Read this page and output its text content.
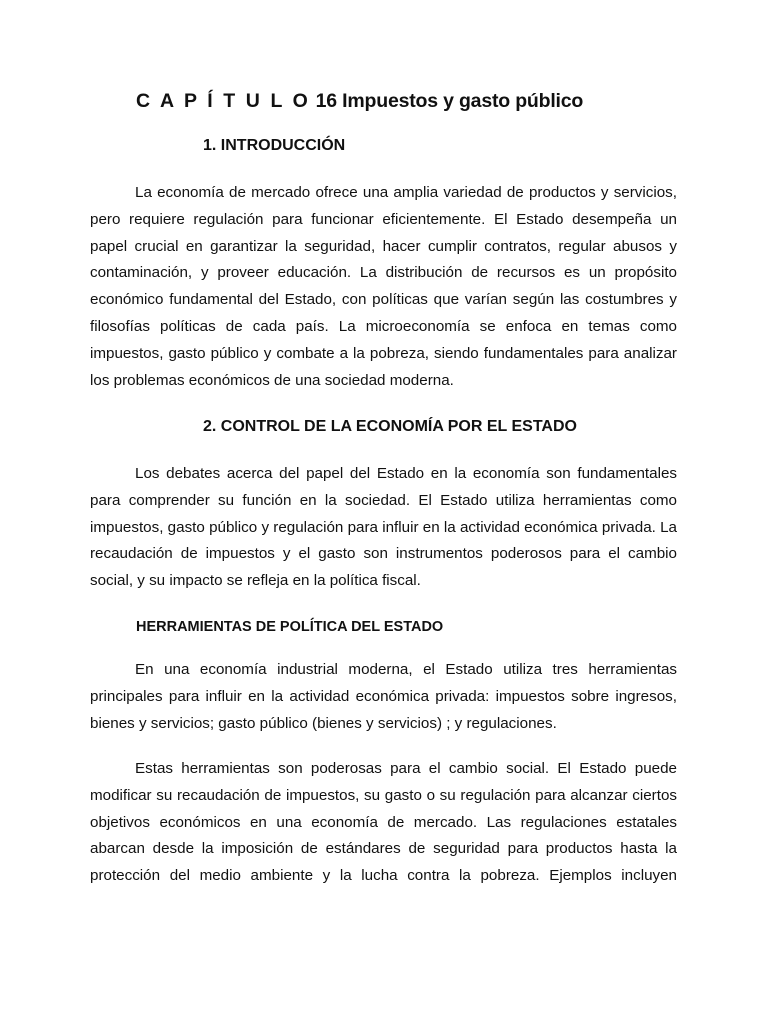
C A P Í T U L O 16 Impuestos y gasto público
1. INTRODUCCIÓN

La economía de mercado ofrece una amplia variedad de productos y servicios, pero requiere regulación para funcionar eficientemente. El Estado desempeña un papel crucial en garantizar la seguridad, hacer cumplir contratos, regular abusos y contaminación, y proveer educación. La distribución de recursos es un propósito económico fundamental del Estado, con políticas que varían según las costumbres y filosofías políticas de cada país. La microeconomía se enfoca en temas como impuestos, gasto público y combate a la pobreza, siendo fundamentales para analizar los problemas económicos de una sociedad moderna.

2. CONTROL DE LA ECONOMÍA POR EL ESTADO

Los debates acerca del papel del Estado en la economía son fundamentales para comprender su función en la sociedad. El Estado utiliza herramientas como impuestos, gasto público y regulación para influir en la actividad económica privada. La recaudación de impuestos y el gasto son instrumentos poderosos para el cambio social, y su impacto se refleja en la política fiscal.

HERRAMIENTAS DE POLÍTICA DEL ESTADO

En una economía industrial moderna, el Estado utiliza tres herramientas principales para influir en la actividad económica privada: impuestos sobre ingresos, bienes y servicios; gasto público (bienes y servicios) ; y regulaciones.

Estas herramientas son poderosas para el cambio social. El Estado puede modificar su recaudación de impuestos, su gasto o su regulación para alcanzar ciertos objetivos económicos en una economía de mercado. Las regulaciones estatales abarcan desde la imposición de estándares de seguridad para productos hasta la protección del medio ambiente y la lucha contra la pobreza. Ejemplos incluyen
